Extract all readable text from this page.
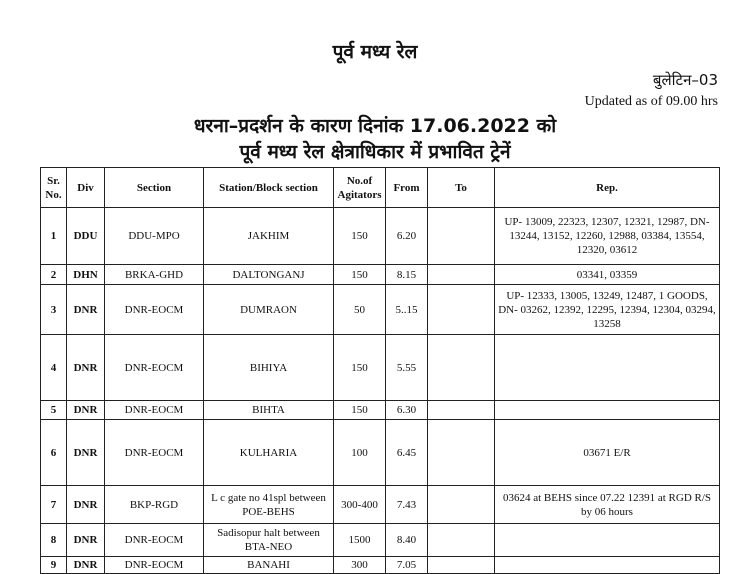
पूर्व मध्य रेल
बुलेटिन–03
Updated as of 09.00 hrs
धरना–प्रदर्शन के कारण दिनांक 17.06.2022 को
पूर्व मध्य रेल क्षेत्राधिकार में प्रभावित ट्रेनें
Sr. No.	Div	Section	Station/Block section	No.of Agitators	From	To	Rep.
1	DDU	DDU-MPO	JAKHIM	150	6.20		UP- 13009, 22323, 12307, 12321, 12987, DN-13244, 13152, 12260, 12988, 03384, 13554, 12320, 03612
2	DHN	BRKA-GHD	DALTONGANJ	150	8.15		03341, 03359
3	DNR	DNR-EOCM	DUMRAON	50	5..15		UP- 12333, 13005, 13249, 12487, 1 GOODS, DN- 03262, 12392, 12295, 12394, 12304, 03294, 13258
4	DNR	DNR-EOCM	BIHIYA	150	5.55		
5	DNR	DNR-EOCM	BIHTA	150	6.30		
6	DNR	DNR-EOCM	KULHARIA	100	6.45		03671 E/R
7	DNR	BKP-RGD	L c gate no 41spl between POE-BEHS	300-400	7.43		03624 at BEHS since 07.22 12391 at RGD R/S by 06 hours
8	DNR	DNR-EOCM	Sadisopur halt between BTA-NEO	1500	8.40		
9	DNR	DNR-EOCM	BANAHI	300	7.05		
